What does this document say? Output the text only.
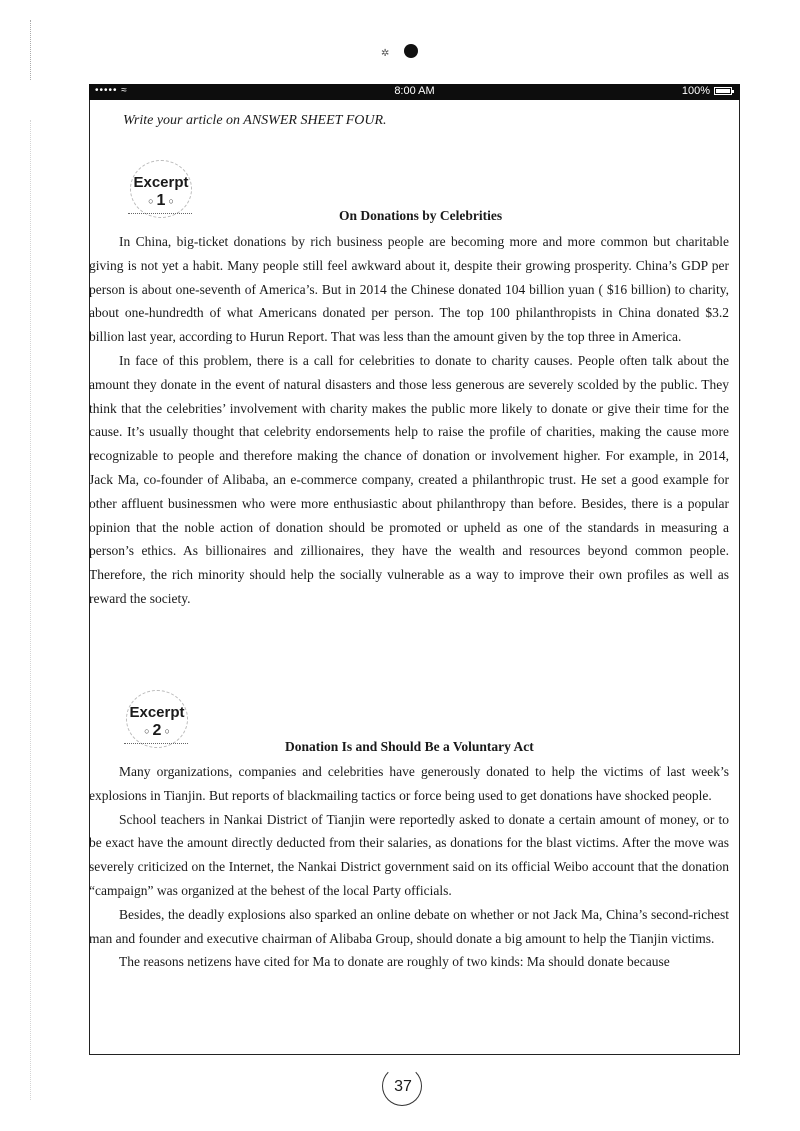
✲
••••• ≈	8:00 AM	100%
Write your article on ANSWER SHEET FOUR.
Excerpt
○ 1 ○
On Donations by Celebrities

In China, big-ticket donations by rich business people are becoming more and more common but charitable giving is not yet a habit. Many people still feel awkward about it, despite their growing prosperity. China’s GDP per person is about one-seventh of America’s. But in 2014 the Chinese donated 104 billion yuan ( $16 billion) to charity, about one-hundredth of what Americans donated per person. The top 100 philanthropists in China donated $3.2 billion last year, according to Hurun Report. That was less than the amount given by the top three in America.

In face of this problem, there is a call for celebrities to donate to charity causes. People often talk about the amount they donate in the event of natural disasters and those less generous are severely scolded by the public. They think that the celebrities’ involvement with charity makes the public more likely to donate or give their time for the cause. It’s usually thought that celebrity endorsements help to raise the profile of charities, making the cause more recognizable to people and therefore making the chance of donation or involvement higher. For example, in 2014, Jack Ma, co-founder of Alibaba, an e-commerce company, created a philanthropic trust. He set a good example for other affluent businessmen who were more enthusiastic about philanthropy than before. Besides, there is a popular opinion that the noble action of donation should be promoted or upheld as one of the standards in measuring a person’s ethics. As billionaires and zillionaires, they have the wealth and resources beyond common people. Therefore, the rich minority should help the socially vulnerable as a way to improve their own profiles as well as reward the society.

Excerpt
○ 2 ○
Donation Is and Should Be a Voluntary Act

Many organizations, companies and celebrities have generously donated to help the victims of last week’s explosions in Tianjin. But reports of blackmailing tactics or force being used to get donations have shocked people.

School teachers in Nankai District of Tianjin were reportedly asked to donate a certain amount of money, or to be exact have the amount directly deducted from their salaries, as donations for the blast victims. After the move was severely criticized on the Internet, the Nankai District government said on its official Weibo account that the donation “campaign” was organized at the behest of the local Party officials.

Besides, the deadly explosions also sparked an online debate on whether or not Jack Ma, China’s second-richest man and founder and executive chairman of Alibaba Group, should donate a big amount to help the Tianjin victims.

The reasons netizens have cited for Ma to donate are roughly of two kinds: Ma should donate because

37
